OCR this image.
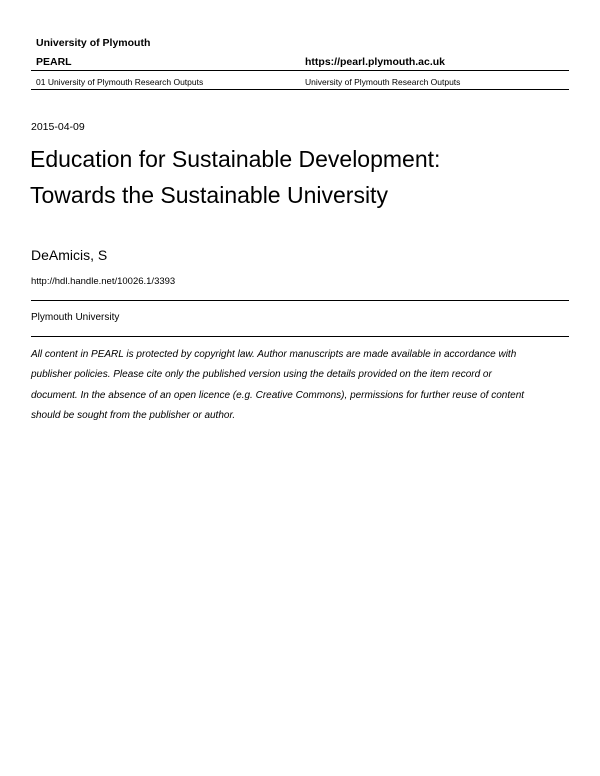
University of Plymouth
PEARL	https://pearl.plymouth.ac.uk
01 University of Plymouth Research Outputs	University of Plymouth Research Outputs
2015-04-09
Education for Sustainable Development:
Towards the Sustainable University
DeAmicis, S
http://hdl.handle.net/10026.1/3393
Plymouth University
All content in PEARL is protected by copyright law. Author manuscripts are made available in accordance with
publisher policies. Please cite only the published version using the details provided on the item record or
document. In the absence of an open licence (e.g. Creative Commons), permissions for further reuse of content
should be sought from the publisher or author.
